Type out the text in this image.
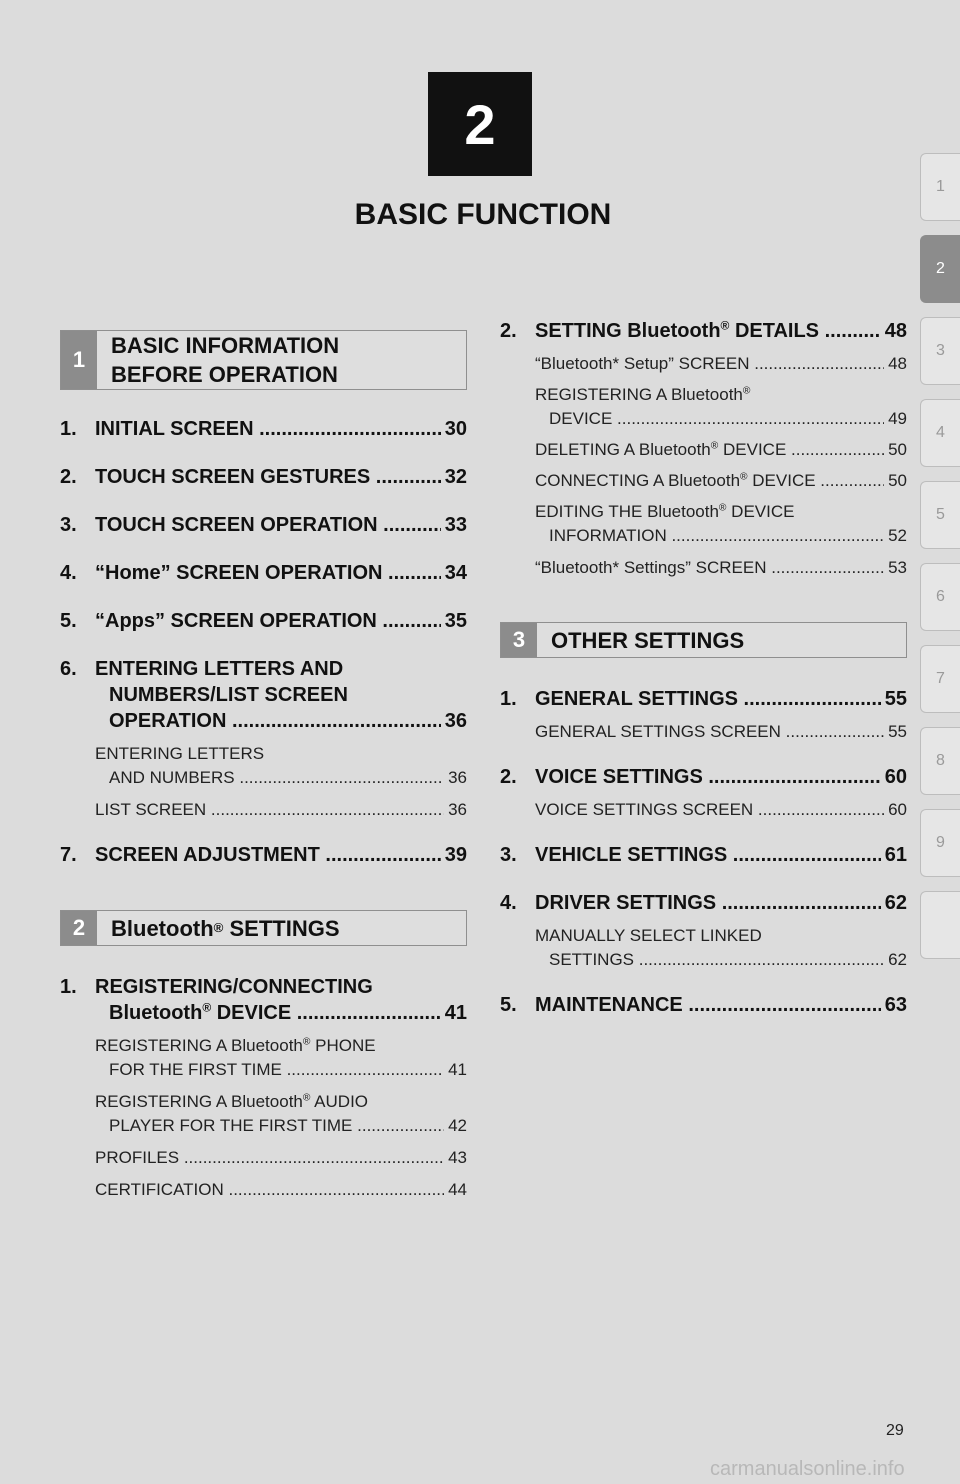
2
BASIC FUNCTION
1
2
3
4
5
6
7
8
9
1
BASIC INFORMATION
BEFORE OPERATION
1. INITIAL SCREEN .....	30
2. TOUCH SCREEN GESTURES .....	32
3. TOUCH SCREEN OPERATION .....	33
4. “Home” SCREEN OPERATION .....	34
5. “Apps” SCREEN OPERATION .....	35
6. ENTERING LETTERS AND
NUMBERS/LIST SCREEN
OPERATION .....	36
ENTERING LETTERS
AND NUMBERS .....	36
LIST SCREEN .....	36
7. SCREEN ADJUSTMENT .....	39
2	Bluetooth ® SETTINGS
1. REGISTERING/CONNECTING
Bluetooth® DEVICE .....	41
REGISTERING A Bluetooth® PHONE
FOR THE FIRST TIME .....	41
REGISTERING A Bluetooth® AUDIO
PLAYER FOR THE FIRST TIME .....	42
PROFILES .....	43
CERTIFICATION .....	44
2. SETTING Bluetooth® DETAILS .....	48
“Bluetooth* Setup” SCREEN .....	48
REGISTERING A Bluetooth®
DEVICE .....	49
DELETING A Bluetooth® DEVICE .....	50
CONNECTING A Bluetooth® DEVICE .....	50
EDITING THE Bluetooth® DEVICE
INFORMATION .....	52
“Bluetooth* Settings” SCREEN .....	53
3	OTHER SETTINGS
1. GENERAL SETTINGS .....	55
GENERAL SETTINGS SCREEN .....	55
2. VOICE SETTINGS .....	60
VOICE SETTINGS SCREEN .....	60
3. VEHICLE SETTINGS .....	61
4. DRIVER SETTINGS .....	62
MANUALLY SELECT LINKED
SETTINGS .....	62
5. MAINTENANCE .....	63
29
carmanualsonline.info
